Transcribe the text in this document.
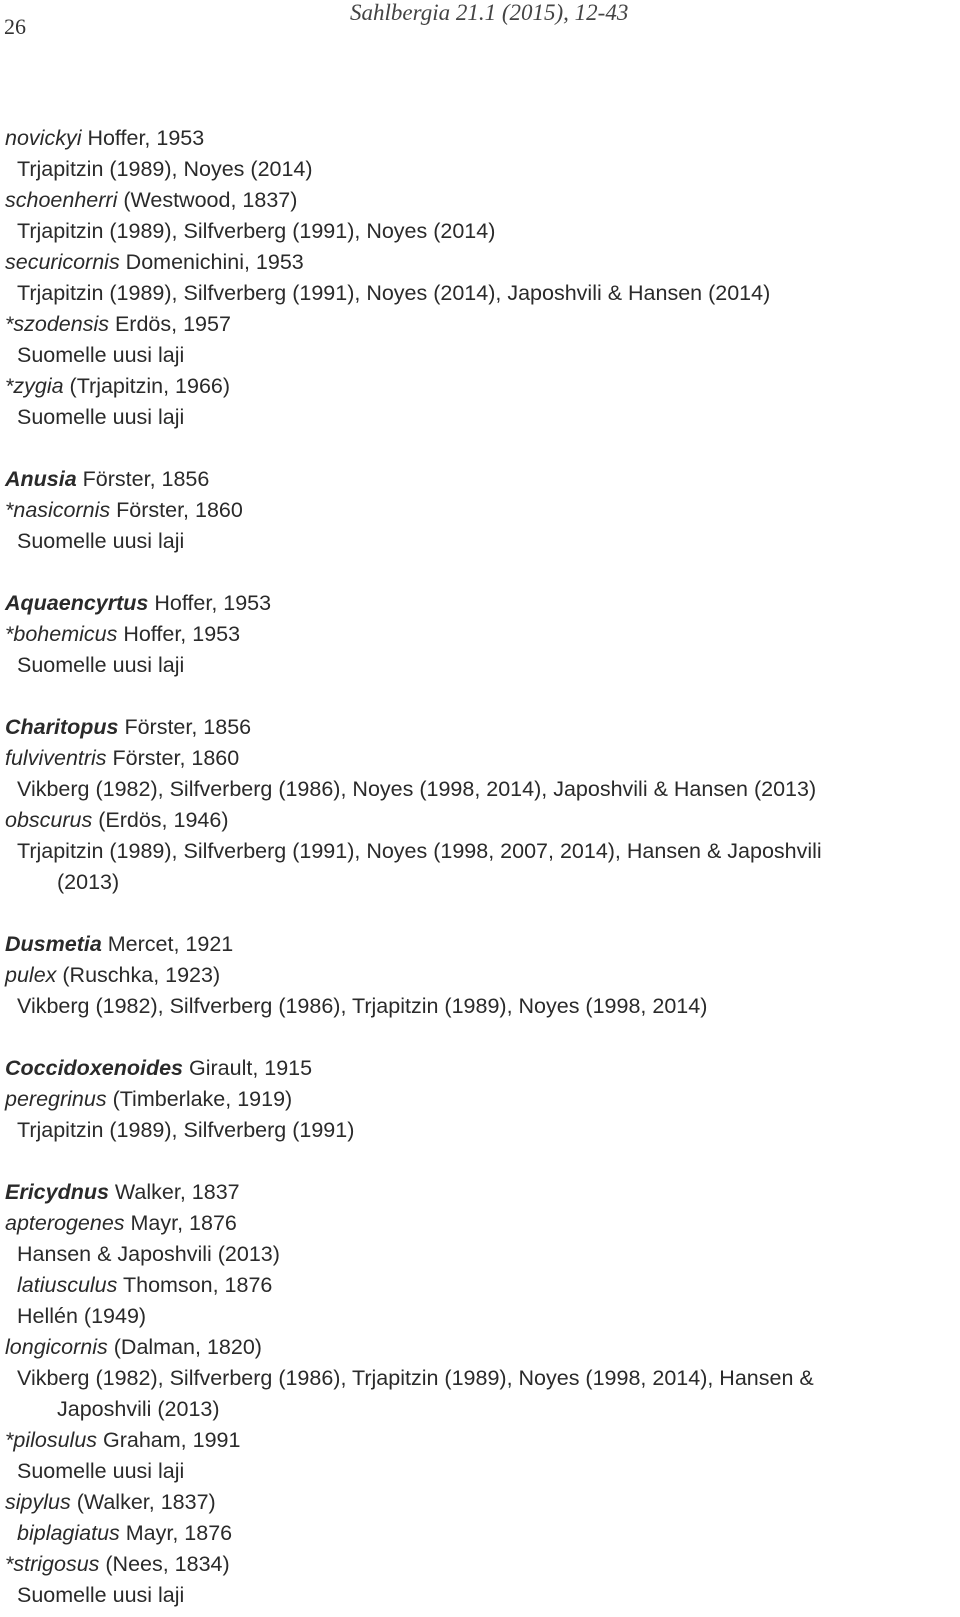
26
Sahlbergia 21.1 (2015), 12-43
novickyi Hoffer, 1953
Trjapitzin (1989), Noyes (2014)
schoenherri (Westwood, 1837)
Trjapitzin (1989), Silfverberg (1991), Noyes (2014)
securicornis Domenichini, 1953
Trjapitzin (1989), Silfverberg (1991), Noyes (2014), Japoshvili & Hansen (2014)
*szodensis Erdös, 1957
Suomelle uusi laji
*zygia (Trjapitzin, 1966)
Suomelle uusi laji
Anusia Förster, 1856
*nasicornis Förster, 1860
Suomelle uusi laji
Aquaencyrtus Hoffer, 1953
*bohemicus Hoffer, 1953
Suomelle uusi laji
Charitopus Förster, 1856
fulviventris Förster, 1860
Vikberg (1982), Silfverberg (1986), Noyes (1998, 2014), Japoshvili & Hansen (2013)
obscurus (Erdös, 1946)
Trjapitzin (1989), Silfverberg (1991), Noyes (1998, 2007, 2014), Hansen & Japoshvili
(2013)
Dusmetia Mercet, 1921
pulex (Ruschka, 1923)
Vikberg (1982), Silfverberg (1986), Trjapitzin (1989), Noyes (1998, 2014)
Coccidoxenoides Girault, 1915
peregrinus (Timberlake, 1919)
Trjapitzin (1989), Silfverberg (1991)
Ericydnus Walker, 1837
apterogenes Mayr, 1876
Hansen & Japoshvili (2013)
latiusculus Thomson, 1876
Hellén (1949)
longicornis (Dalman, 1820)
Vikberg (1982), Silfverberg (1986), Trjapitzin (1989), Noyes (1998, 2014), Hansen &
Japoshvili (2013)
*pilosulus Graham, 1991
Suomelle uusi laji
sipylus (Walker, 1837)
biplagiatus Mayr, 1876
*strigosus (Nees, 1834)
Suomelle uusi laji
